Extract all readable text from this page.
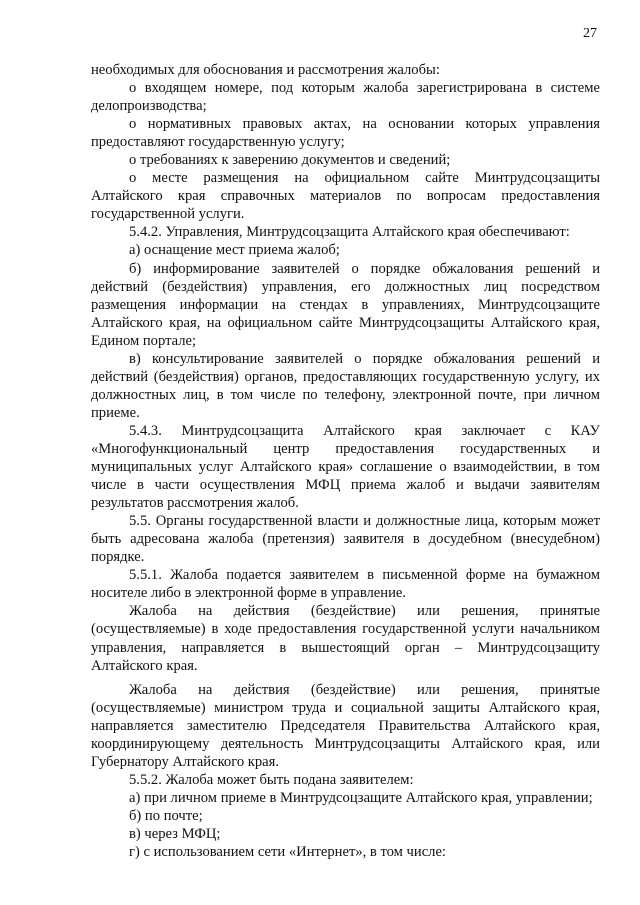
27

необходимых для обоснования и рассмотрения жалобы:

о входящем номере, под которым жалоба зарегистрирована в системе делопроизводства;

о нормативных правовых актах, на основании которых управления предоставляют государственную услугу;

о требованиях к заверению документов и сведений;

о месте размещения на официальном сайте Минтрудсоцзащиты Алтайского края справочных материалов по вопросам предоставления государственной услуги.

5.4.2. Управления, Минтрудсоцзащита Алтайского края обеспечивают:

а) оснащение мест приема жалоб;

б) информирование заявителей о порядке обжалования решений и действий (бездействия) управления, его должностных лиц посредством размещения информации на стендах в управлениях, Минтрудсоцзащите Алтайского края, на официальном сайте Минтрудсоцзащиты Алтайского края, Едином портале;

в) консультирование заявителей о порядке обжалования решений и действий (бездействия) органов, предоставляющих государственную услугу, их должностных лиц, в том числе по телефону, электронной почте, при личном приеме.

5.4.3. Минтрудсоцзащита Алтайского края заключает с КАУ «Многофункциональный центр предоставления государственных и муниципальных услуг Алтайского края» соглашение о взаимодействии, в том числе в части осуществления МФЦ приема жалоб и выдачи заявителям результатов рассмотрения жалоб.

5.5. Органы государственной власти и должностные лица, которым может быть адресована жалоба (претензия) заявителя в досудебном (внесудебном) порядке.

5.5.1. Жалоба подается заявителем в письменной форме на бумажном носителе либо в электронной форме в управление.

Жалоба на действия (бездействие) или решения, принятые (осуществляемые) в ходе предоставления государственной услуги начальником управления, направляется в вышестоящий орган – Минтрудсоцзащиту Алтайского края.

Жалоба на действия (бездействие) или решения, принятые (осуществляемые) министром труда и социальной защиты Алтайского края, направляется заместителю Председателя Правительства Алтайского края, координирующему деятельность Минтрудсоцзащиты Алтайского края, или Губернатору Алтайского края.

5.5.2. Жалоба может быть подана заявителем:

а) при личном приеме в Минтрудсоцзащите Алтайского края, управлении;

б) по почте;

в) через МФЦ;

г) с использованием сети «Интернет», в том числе:
